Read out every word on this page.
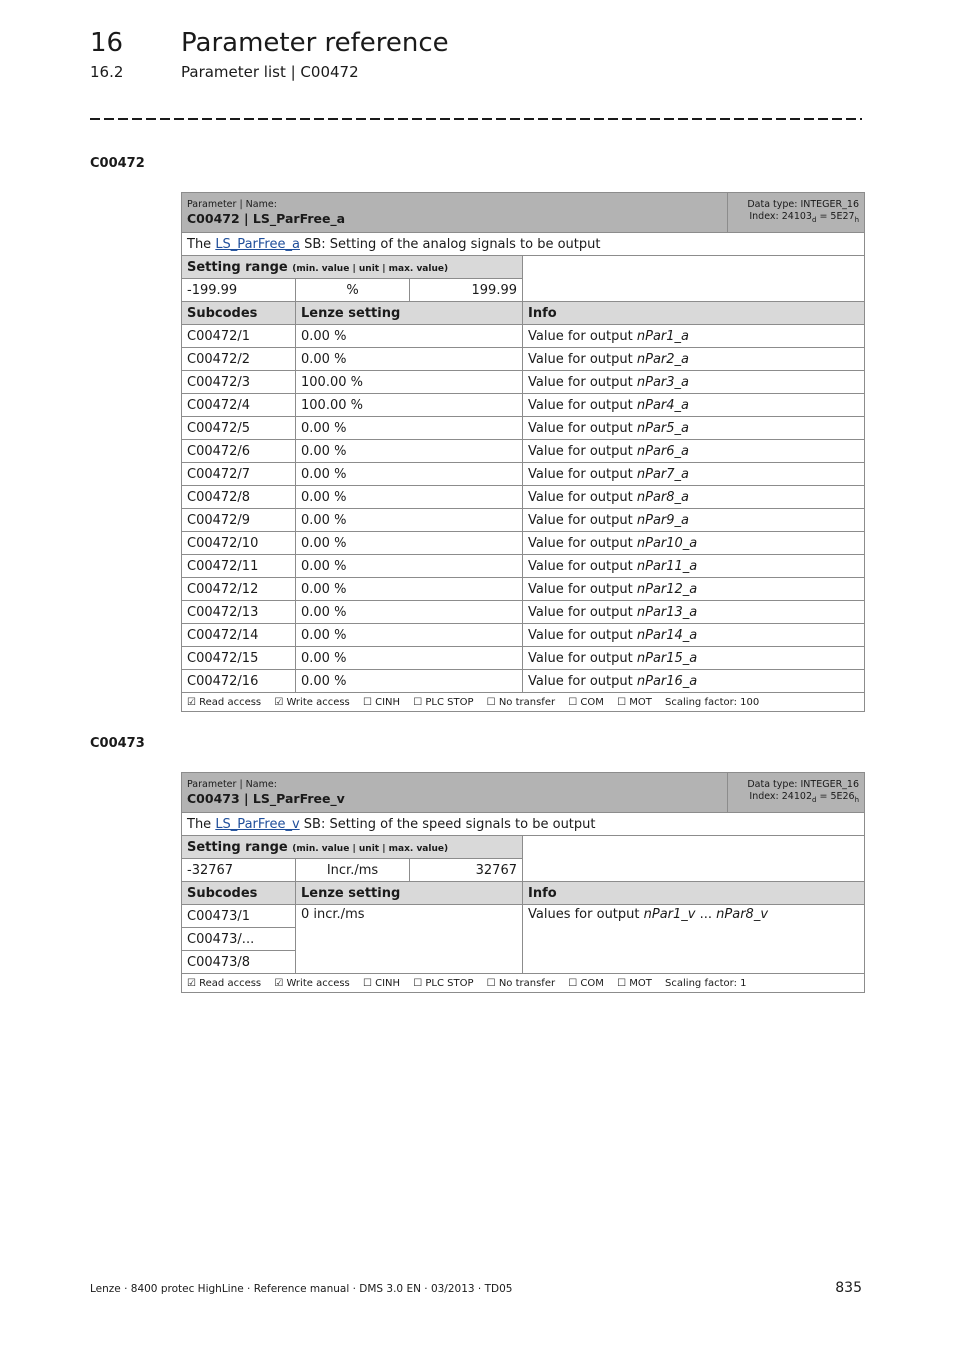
16 Parameter reference
16.2	Parameter list | C00472
C00472
Parameter | Name:
C00472 | LS_ParFree_a				Data type: INTEGER_16
Index: $24103_d = 5E27_h$
The LS_ParFree_a SB: Setting of the analog signals to be output				
Setting range (min. value | unit | max. value)				
-199.99	%	199.99		
Subcodes	Lenze setting		Info	
C00472/1	0.00 %		Value for output nPar1_a	
C00472/2	0.00 %		Value for output nPar2_a	
C00472/3	100.00 %		Value for output nPar3_a	
C00472/4	100.00 %		Value for output nPar4_a	
C00472/5	0.00 %		Value for output nPar5_a	
C00472/6	0.00 %		Value for output nPar6_a	
C00472/7	0.00 %		Value for output nPar7_a	
C00472/8	0.00 %		Value for output nPar8_a	
C00472/9	0.00 %		Value for output nPar9_a	
C00472/10	0.00 %		Value for output nPar10_a	
C00472/11	0.00 %		Value for output nPar11_a	
C00472/12	0.00 %		Value for output nPar12_a	
C00472/13	0.00 %		Value for output nPar13_a	
C00472/14	0.00 %		Value for output nPar14_a	
C00472/15	0.00 %		Value for output nPar15_a	
C00472/16	0.00 %		Value for output nPar16_a	
☑ Read access ☑ Write access ☐ CINH ☐ PLC STOP ☐ No transfer ☐ COM ☐ MOT Scaling factor: 100				
C00473
Parameter | Name:
C00473 | LS_ParFree_v				Data type: INTEGER_16
Index: $24102_d = 5E26_h$
The LS_ParFree_v SB: Setting of the speed signals to be output				
Setting range (min. value | unit | max. value)				
-32767	Incr./ms	32767		
Subcodes	Lenze setting		Info	
C00473/1	0 incr./ms		Values for output nPar1_v ... nPar8_v	
C00473/...				
C00473/8				
☑ Read access ☑ Write access ☐ CINH ☐ PLC STOP ☐ No transfer ☐ COM ☐ MOT Scaling factor: 1				
Lenze · 8400 protec HighLine · Reference manual · DMS 3.0 EN · 03/2013 · TD05	835
